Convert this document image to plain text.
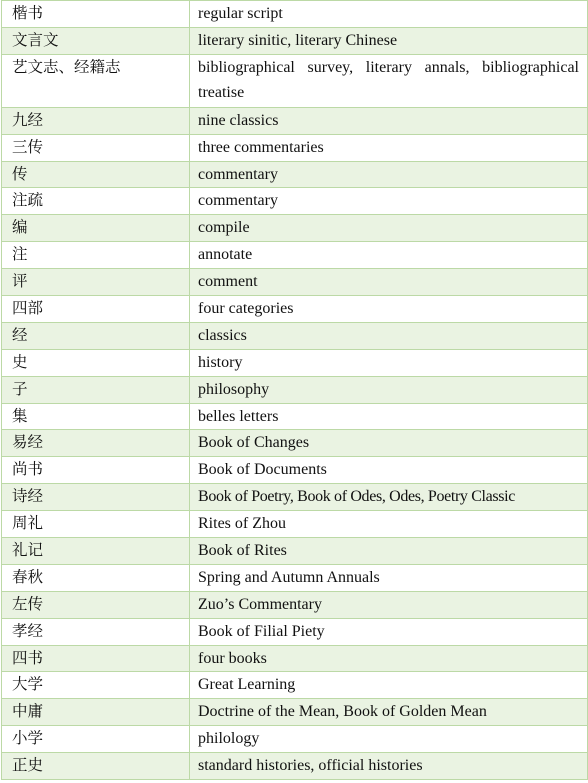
楷书	regular script
文言文	literary sinitic, literary Chinese
艺文志、经籍志	bibliographical survey, literary annals, bibliographical treatise
九经	nine classics
三传	three commentaries
传	commentary
注疏	commentary
编	compile
注	annotate
评	comment
四部	four categories
经	classics
史	history
子	philosophy
集	belles letters
易经	Book of Changes
尚书	Book of Documents
诗经	Book of Poetry, Book of Odes, Odes, Poetry Classic
周礼	Rites of Zhou
礼记	Book of Rites
春秋	Spring and Autumn Annuals
左传	Zuo’s Commentary
孝经	Book of Filial Piety
四书	four books
大学	Great Learning
中庸	Doctrine of the Mean, Book of Golden Mean
小学	philology
正史	standard histories, official histories
